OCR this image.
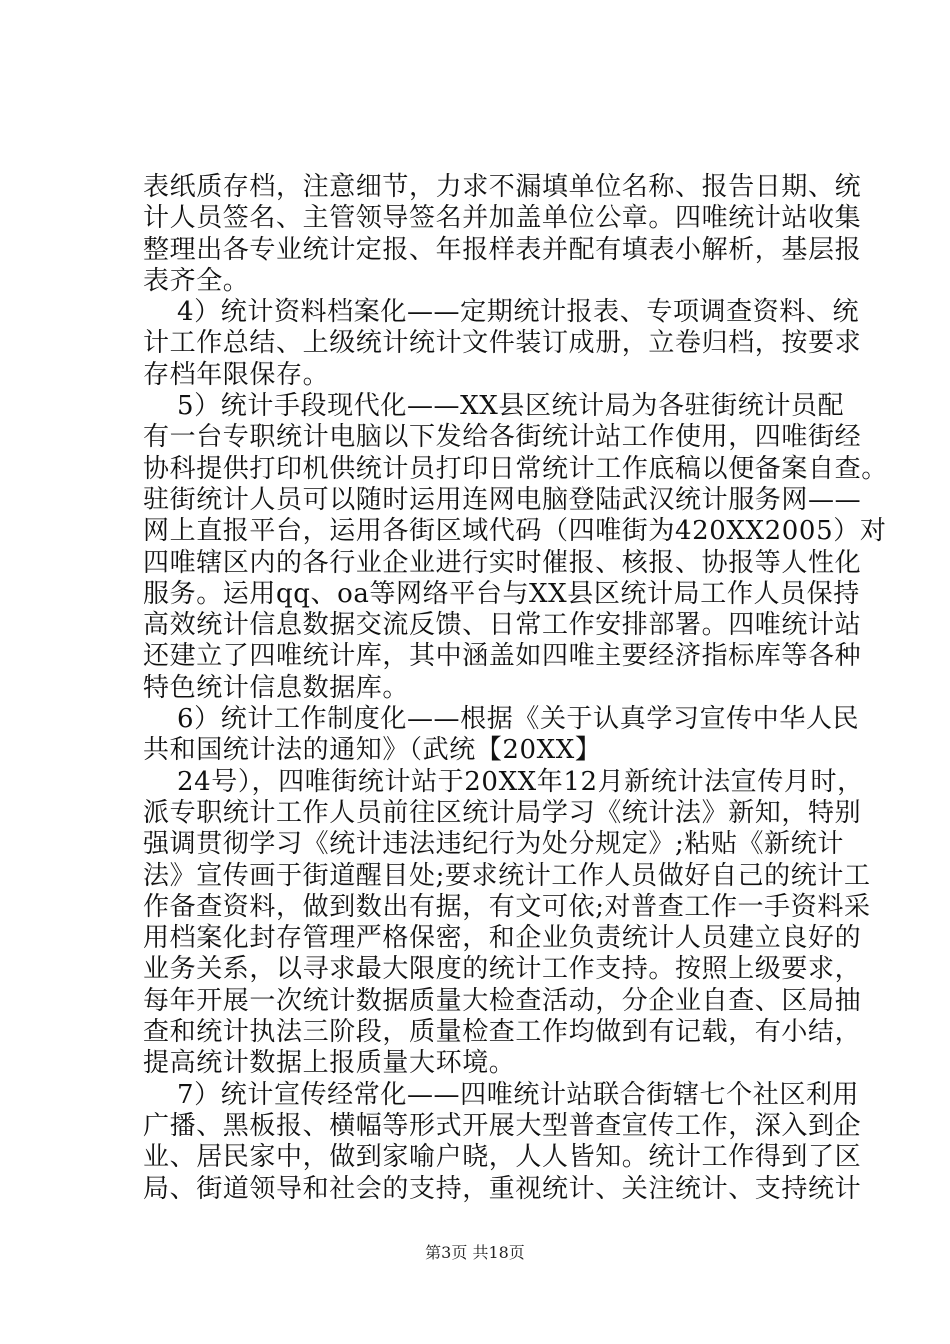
表纸质存档，注意细节，力求不漏填单位名称、报告日期、统
计人员签名、主管领导签名并加盖单位公章。四唯统计站收集
整理出各专业统计定报、年报样表并配有填表小解析，基层报
表齐全。
4）统计资料档案化——定期统计报表、专项调查资料、统
计工作总结、上级统计统计文件装订成册，立卷归档，按要求
存档年限保存。
5）统计手段现代化——XX县区统计局为各驻街统计员配
有一台专职统计电脑以下发给各街统计站工作使用，四唯街经
协科提供打印机供统计员打印日常统计工作底稿以便备案自查。
驻街统计人员可以随时运用连网电脑登陆武汉统计服务网——
网上直报平台，运用各街区域代码（四唯街为420XX2005）对
四唯辖区内的各行业企业进行实时催报、核报、协报等人性化
服务。运用qq、oa等网络平台与XX县区统计局工作人员保持
高效统计信息数据交流反馈、日常工作安排部署。四唯统计站
还建立了四唯统计库，其中涵盖如四唯主要经济指标库等各种
特色统计信息数据库。
6）统计工作制度化——根据《关于认真学习宣传中华人民
共和国统计法的通知》（武统【20XX】
24号），四唯街统计站于20XX年12月新统计法宣传月时，
派专职统计工作人员前往区统计局学习《统计法》新知，特别
强调贯彻学习《统计违法违纪行为处分规定》;粘贴《新统计
法》宣传画于街道醒目处;要求统计工作人员做好自己的统计工
作备查资料，做到数出有据，有文可依;对普查工作一手资料采
用档案化封存管理严格保密，和企业负责统计人员建立良好的
业务关系，以寻求最大限度的统计工作支持。按照上级要求，
每年开展一次统计数据质量大检查活动，分企业自查、区局抽
查和统计执法三阶段，质量检查工作均做到有记载，有小结，
提高统计数据上报质量大环境。
7）统计宣传经常化——四唯统计站联合街辖七个社区利用
广播、黑板报、横幅等形式开展大型普查宣传工作，深入到企
业、居民家中，做到家喻户晓，人人皆知。统计工作得到了区
局、街道领导和社会的支持，重视统计、关注统计、支持统计
第3页 共18页
